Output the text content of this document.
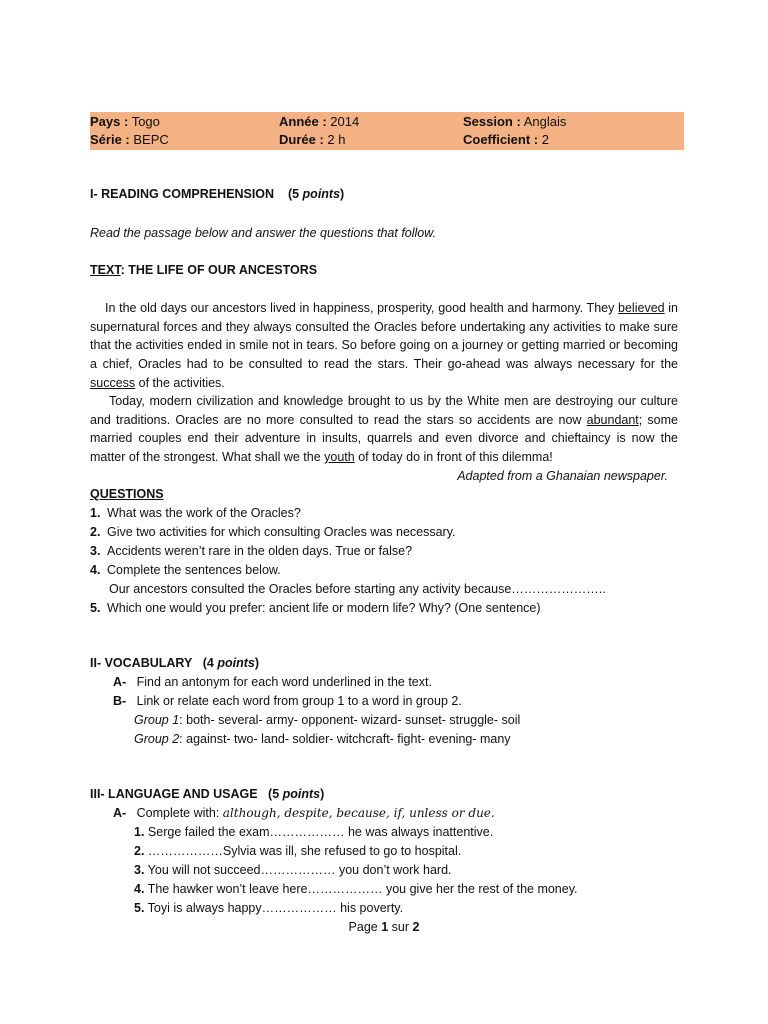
Pays : Togo	Année : 2014	Session : Anglais
Série : BEPC	Durée : 2 h	Coefficient : 2
I- READING COMPREHENSION (5 points)
Read the passage below and answer the questions that follow.
TEXT: THE LIFE OF OUR ANCESTORS
In the old days our ancestors lived in happiness, prosperity, good health and harmony. They believed in supernatural forces and they always consulted the Oracles before undertaking any activities to make sure that the activities ended in smile not in tears. So before going on a journey or getting married or becoming a chief, Oracles had to be consulted to read the stars. Their go-ahead was always necessary for the success of the activities.
Today, modern civilization and knowledge brought to us by the White men are destroying our culture and traditions. Oracles are no more consulted to read the stars so accidents are now abundant; some married couples end their adventure in insults, quarrels and even divorce and chieftaincy is now the matter of the strongest. What shall we the youth of today do in front of this dilemma!
Adapted from a Ghanaian newspaper.
QUESTIONS
1. What was the work of the Oracles?
2. Give two activities for which consulting Oracles was necessary.
3. Accidents weren’t rare in the olden days. True or false?
4. Complete the sentences below.
Our ancestors consulted the Oracles before starting any activity because…………………..
5. Which one would you prefer: ancient life or modern life? Why? (One sentence)
II- VOCABULARY (4 points)
A- Find an antonym for each word underlined in the text.
B- Link or relate each word from group 1 to a word in group 2.
Group 1: both- several- army- opponent- wizard- sunset- struggle- soil
Group 2: against- two- land- soldier- witchcraft- fight- evening- many
III- LANGUAGE AND USAGE (5 points)
A- Complete with: although, despite, because, if, unless or due.
1. Serge failed the exam……………… he was always inattentive.
2. ………………Sylvia was ill, she refused to go to hospital.
3. You will not succeed……………… you don’t work hard.
4. The hawker won’t leave here……………… you give her the rest of the money.
5. Toyi is always happy……………… his poverty.
Page 1 sur 2
